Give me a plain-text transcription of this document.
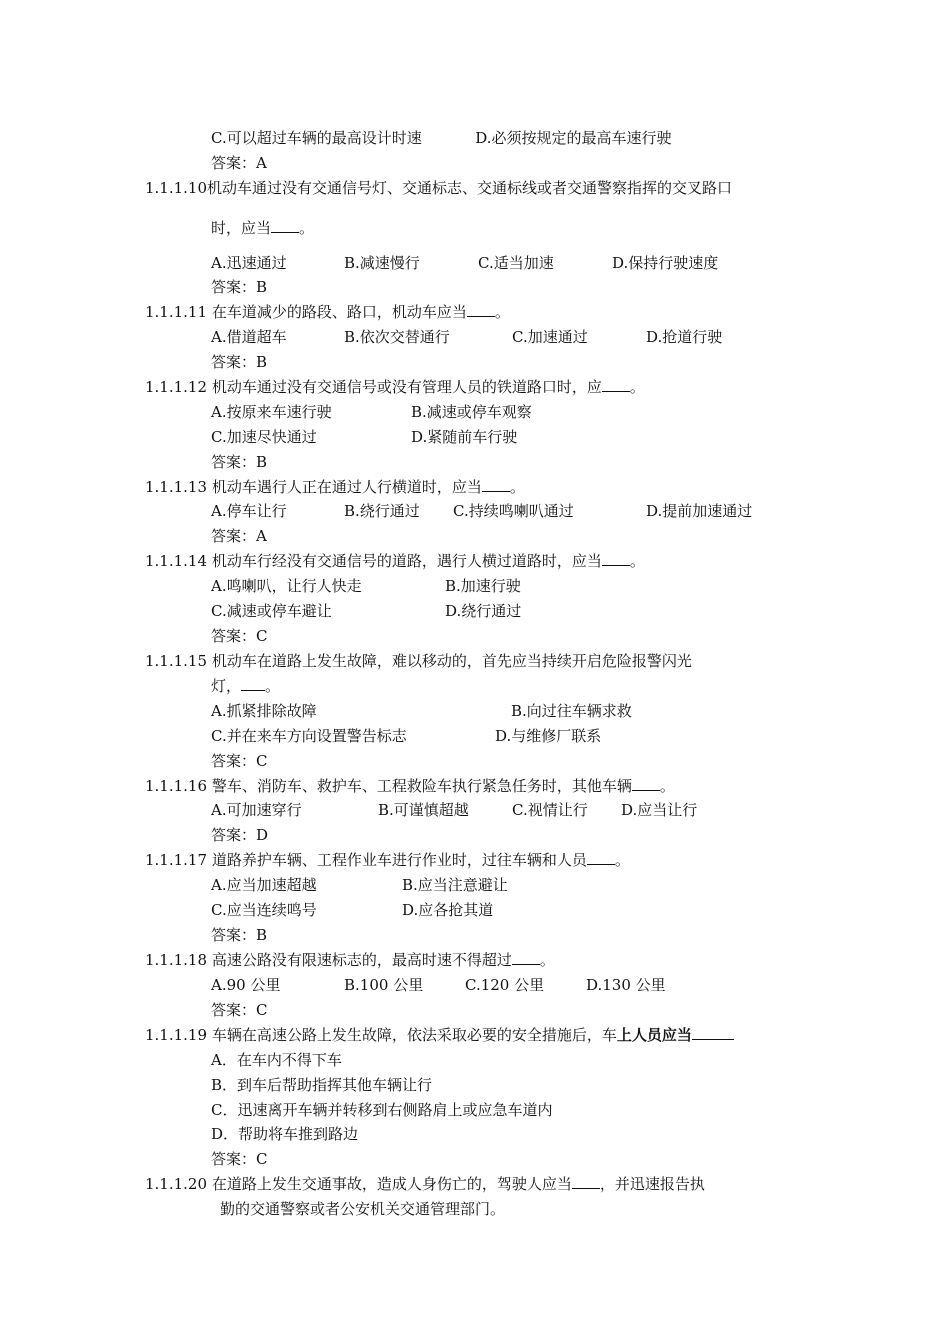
C.可以超过车辆的最高设计时速	D.必须按规定的最高车速行驶
答案：A
1.1.1.10机动车通过没有交通信号灯、交通标志、交通标线或者交通警察指挥的交叉路口
时，应当 。
A.迅速通过	B.减速慢行	C.适当加速	D.保持行驶速度
答案：B
1.1.1.11 在车道减少的路段、路口，机动车应当 。
A.借道超车	B.依次交替通行	C.加速通过	D.抢道行驶
答案：B
1.1.1.12 机动车通过没有交通信号或没有管理人员的铁道路口时，应 。
A.按原来车速行驶	B.减速或停车观察
C.加速尽快通过	D.紧随前车行驶
答案：B
1.1.1.13 机动车遇行人正在通过人行横道时，应当 。
A.停车让行	B.绕行通过 C.持续鸣喇叭通过	D.提前加速通过
答案：A
1.1.1.14 机动车行经没有交通信号的道路，遇行人横过道路时，应当 。
A.鸣喇叭，让行人快走	B.加速行驶
C.减速或停车避让	D.绕行通过
答案：C
1.1.1.15 机动车在道路上发生故障，难以移动的，首先应当持续开启危险报警闪光
灯， 。
A.抓紧排除故障	B.向过往车辆求救
C.并在来车方向设置警告标志	D.与维修厂联系
答案：C
1.1.1.16 警车、消防车、救护车、工程救险车执行紧急任务时，其他车辆 。
A.可加速穿行	B.可谨慎超越	C.视情让行 D.应当让行
答案：D
1.1.1.17 道路养护车辆、工程作业车进行作业时，过往车辆和人员 。
A.应当加速超越	B.应当注意避让
C.应当连续鸣号	D.应各抢其道
答案：B
1.1.1.18 高速公路没有限速标志的，最高时速不得超过 。
A.90 公里	B.100 公里	C.120 公里	D.130 公里
答案：C
1.1.1.19 车辆在高速公路上发生故障，依法采取必要的安全措施后，车上人员应当
A．在车内不得下车
B．到车后帮助指挥其他车辆让行
C．迅速离开车辆并转移到右侧路肩上或应急车道内
D．帮助将车推到路边
答案：C
1.1.1.20 在道路上发生交通事故，造成人身伤亡的，驾驶人应当 ，并迅速报告执
勤的交通警察或者公安机关交通管理部门。
